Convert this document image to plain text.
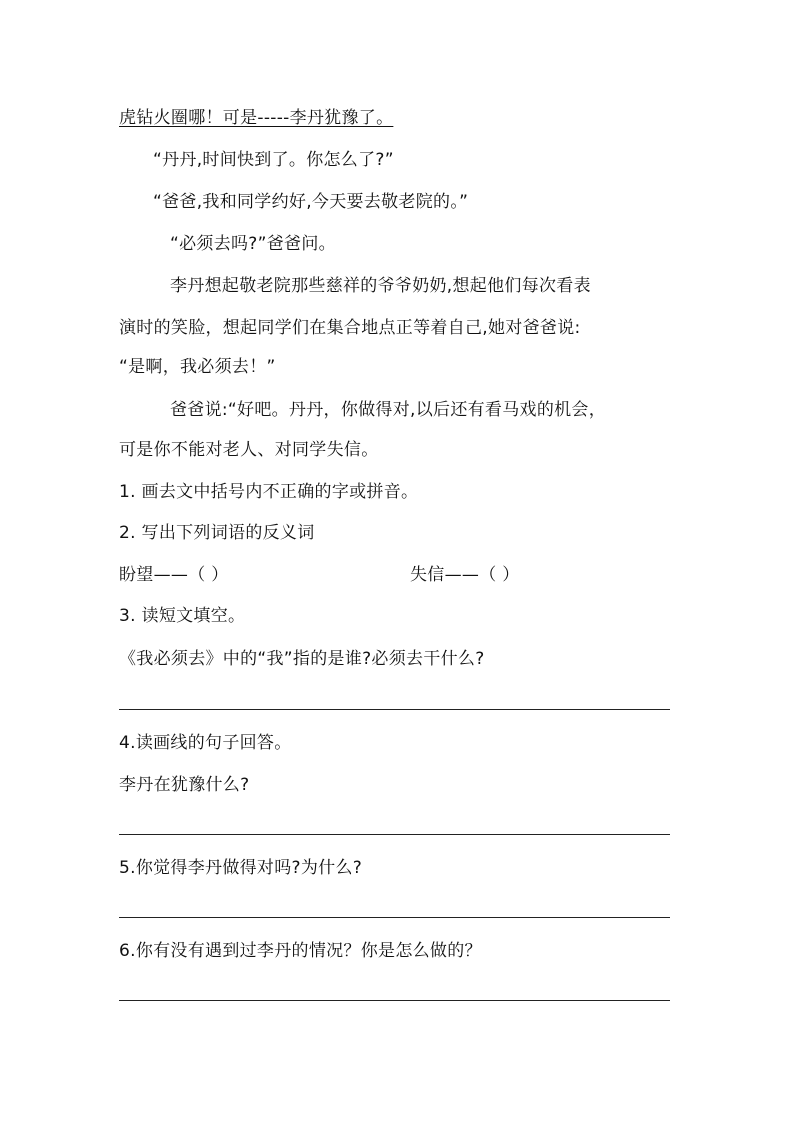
虎钻火圈哪！可是-----李丹犹豫了。
“丹丹,时间快到了。你怎么了?”
“爸爸,我和同学约好,今天要去敬老院的。”
“必须去吗?”爸爸问。
李丹想起敬老院那些慈祥的爷爷奶奶,想起他们每次看表
演时的笑脸，想起同学们在集合地点正等着自己,她对爸爸说:
“是啊，我必须去！”
爸爸说:“好吧。丹丹，你做得对,以后还有看马戏的机会，
可是你不能对老人、对同学失信。
1. 画去文中括号内不正确的字或拼音。
2. 写出下列词语的反义词
盼望——（ ）	失信——（ ）
3. 读短文填空。
《我必须去》中的“我”指的是谁?必须去干什么?
4.读画线的句子回答。
李丹在犹豫什么?
5.你觉得李丹做得对吗?为什么?
6.你有没有遇到过李丹的情况？你是怎么做的？
